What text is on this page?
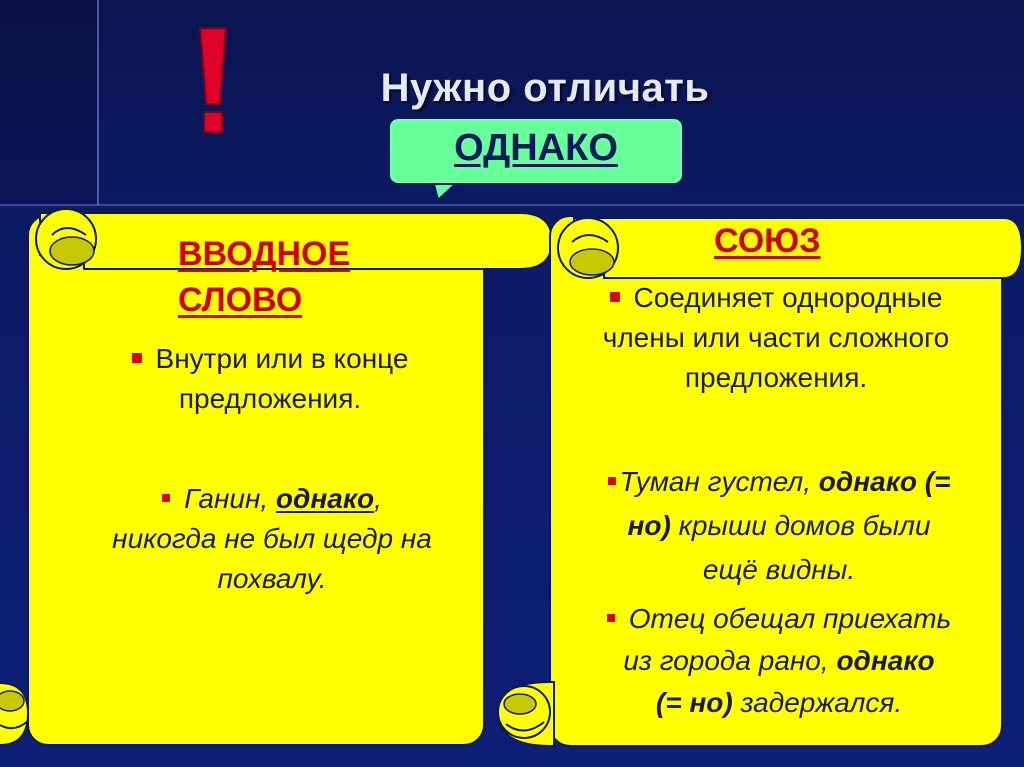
Нужно отличать
ОДНАКО
ВВОДНОЕ
СЛОВО
Внутри или в конце
предложения.
Ганин, однако,
никогда не был щедр на
похвалу.
СОЮЗ
Соединяет однородные
члены или части сложного
предложения.
Туман густел, однако (=
но) крыши домов были
ещё видны.
Отец обещал приехать
из города рано, однако
(= но) задержался.
